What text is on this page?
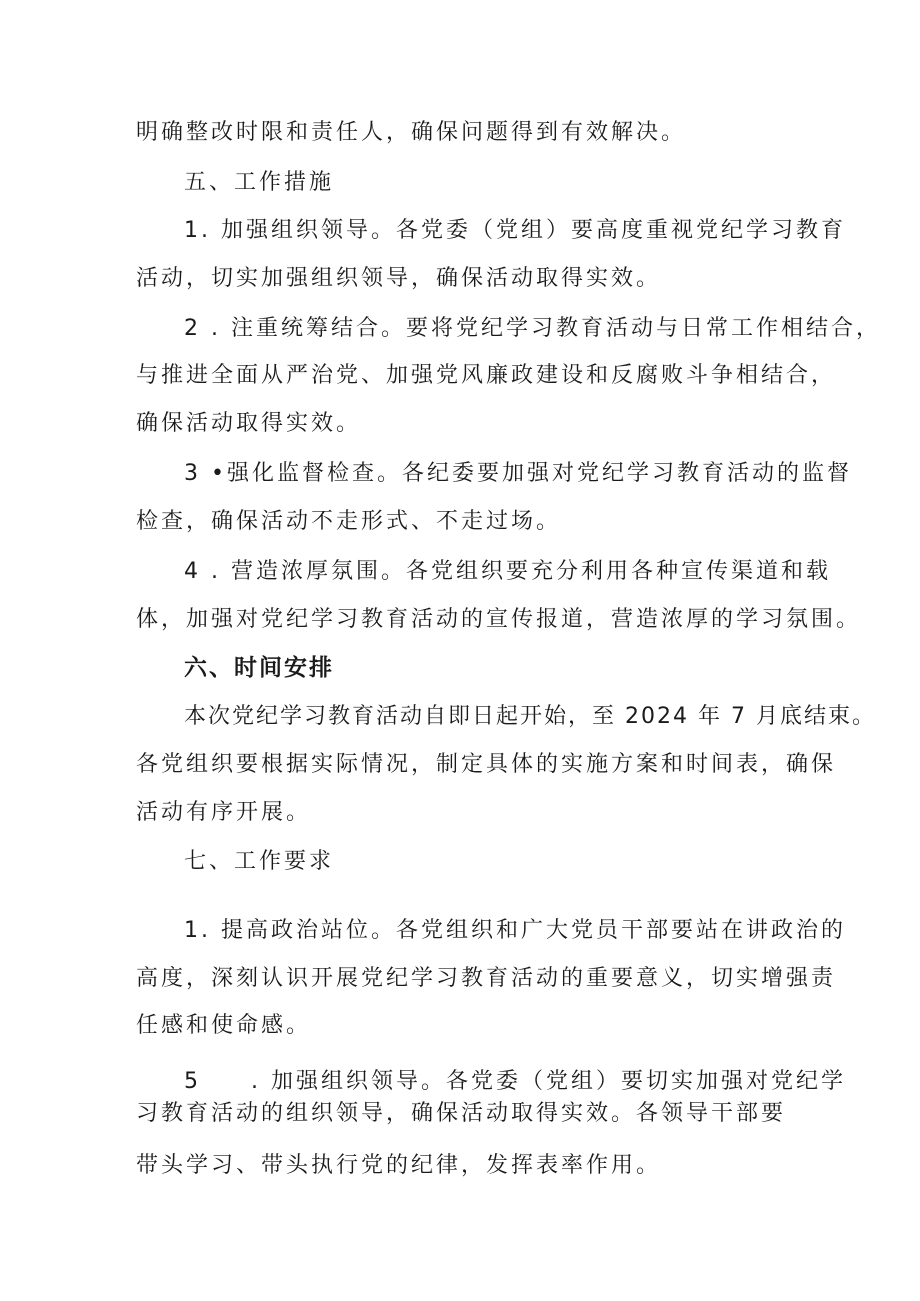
明确整改时限和责任人，确保问题得到有效解决。
五、工作措施
1. 加强组织领导。各党委（党组）要高度重视党纪学习教育
活动，切实加强组织领导，确保活动取得实效。
2 . 注重统筹结合。要将党纪学习教育活动与日常工作相结合，
与推进全面从严治党、加强党风廉政建设和反腐败斗争相结合，
确保活动取得实效。
3 •强化监督检查。各纪委要加强对党纪学习教育活动的监督
检查，确保活动不走形式、不走过场。
4 . 营造浓厚氛围。各党组织要充分利用各种宣传渠道和载
体，加强对党纪学习教育活动的宣传报道，营造浓厚的学习氛围。
六、时间安排
本次党纪学习教育活动自即日起开始，至 2024 年 7 月底结束。
各党组织要根据实际情况，制定具体的实施方案和时间表，确保
活动有序开展。
七、工作要求
1. 提高政治站位。各党组织和广大党员干部要站在讲政治的
高度，深刻认识开展党纪学习教育活动的重要意义，切实增强责
任感和使命感。
5　　. 加强组织领导。各党委（党组）要切实加强对党纪学
习教育活动的组织领导，确保活动取得实效。各领导干部要
带头学习、带头执行党的纪律，发挥表率作用。
